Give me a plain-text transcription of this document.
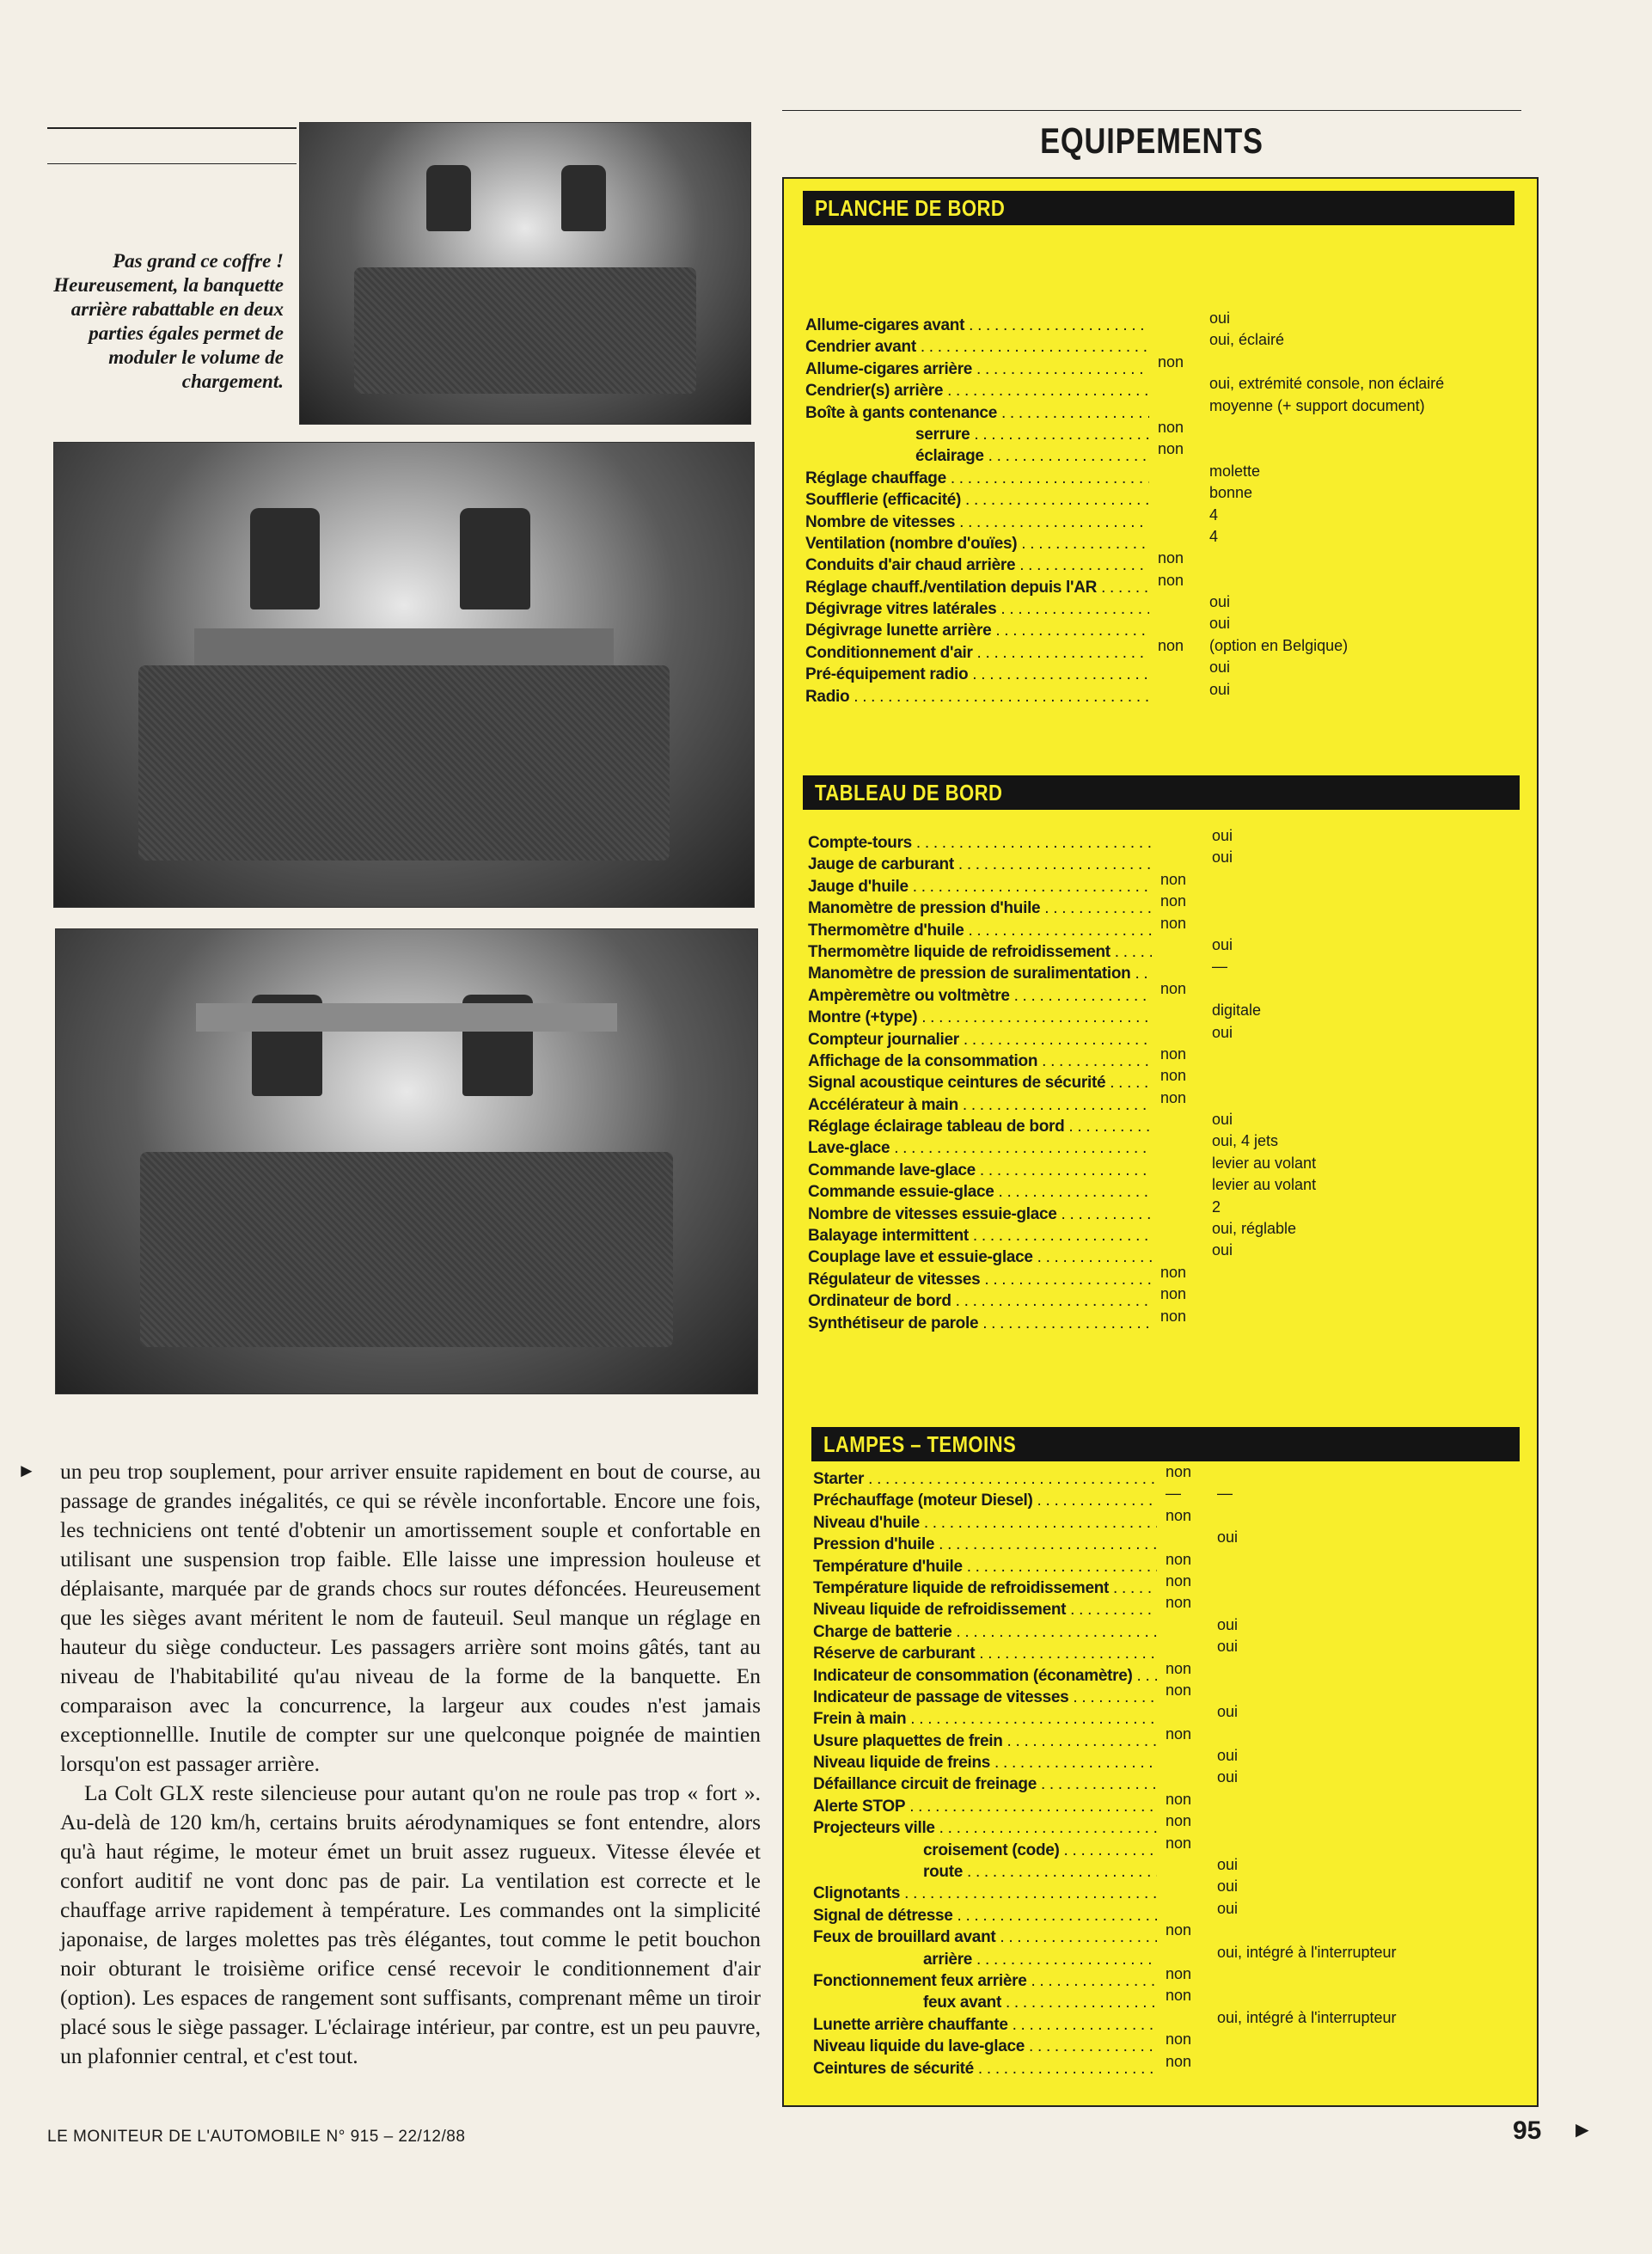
Pas grand ce coffre ! Heureusement, la banquette arrière rabattable en deux parties égales permet de moduler le volume de chargement.
► un peu trop souplement, pour arriver ensuite rapidement en bout de course, au passage de grandes inégalités, ce qui se révèle inconfortable. Encore une fois, les techniciens ont tenté d'obtenir un amortissement souple et confortable en utilisant une suspension trop faible. Elle laisse une impression houleuse et déplaisante, marquée par de grands chocs sur routes défoncées. Heureusement que les sièges avant méritent le nom de fauteuil. Seul manque un réglage en hauteur du siège conducteur. Les passagers arrière sont moins gâtés, tant au niveau de l'habitabilité qu'au niveau de la forme de la banquette. En comparaison avec la concurrence, la largeur aux coudes n'est jamais exceptionnellle. Inutile de compter sur une quelconque poignée de maintien lorsqu'on est passager arrière.

La Colt GLX reste silencieuse pour autant qu'on ne roule pas trop « fort ». Au-delà de 120 km/h, certains bruits aérodynamiques se font entendre, alors qu'à haut régime, le moteur émet un bruit assez rugueux. Vitesse élevée et confort auditif ne vont donc pas de pair. La ventilation est correcte et le chauffage arrive rapidement à température. Les commandes ont la simplicité japonaise, de larges molettes pas très élégantes, tout comme le petit bouchon noir obturant le troisième orifice censé recevoir le conditionnement d'air (option). Les espaces de rangement sont suffisants, comprenant même un tiroir placé sous le siège passager. L'éclairage intérieur, par contre, est un peu pauvre, un plafonnier central, et c'est tout.

EQUIPEMENTS
PLANCHE DE BORD
Allume-cigares avant . . .	oui
Cendrier avant . . .	oui, éclairé
Allume-cigares arrière . . .	non
Cendrier(s) arrière . . .	oui, extrémité console, non éclairé
Boîte à gants contenance . . .	moyenne (+ support document)
serrure . . .	non
éclairage . . .	non
Réglage chauffage . . .	molette
Soufflerie (efficacité) . . .	bonne
Nombre de vitesses . . .	4
Ventilation (nombre d'ouïes) . . .	4
Conduits d'air chaud arrière . . .	non
Réglage chauff./ventilation depuis l'AR . . .	non
Dégivrage vitres latérales . . .	oui
Dégivrage lunette arrière . . .	oui
Conditionnement d'air . . .	non (option en Belgique)
Pré-équipement radio . . .	oui
Radio . . .	oui
TABLEAU DE BORD
Compte-tours . . .	oui
Jauge de carburant . . .	oui
Jauge d'huile . . .	non
Manomètre de pression d'huile . . .	non
Thermomètre d'huile . . .	non
Thermomètre liquide de refroidissement . . .	oui
Manomètre de pression de suralimentation . . .	—
Ampèremètre ou voltmètre . . .	non
Montre (+type) . . .	digitale
Compteur journalier . . .	oui
Affichage de la consommation . . .	non
Signal acoustique ceintures de sécurité . . .	non
Accélérateur à main . . .	non
Réglage éclairage tableau de bord . . .	oui
Lave-glace . . .	oui, 4 jets
Commande lave-glace . . .	levier au volant
Commande essuie-glace . . .	levier au volant
Nombre de vitesses essuie-glace . . .	2
Balayage intermittent . . .	oui, réglable
Couplage lave et essuie-glace . . .	oui
Régulateur de vitesses . . .	non
Ordinateur de bord . . .	non
Synthétiseur de parole . . .	non
LAMPES – TEMOINS
Starter . . .	non
Préchauffage (moteur Diesel) . . .	— —
Niveau d'huile . . .	non
Pression d'huile . . .	oui
Température d'huile . . .	non
Température liquide de refroidissement . . .	non
Niveau liquide de refroidissement . . .	non
Charge de batterie . . .	oui
Réserve de carburant . . .	oui
Indicateur de consommation (éconamètre) . . .	non
Indicateur de passage de vitesses . . .	non
Frein à main . . .	oui
Usure plaquettes de frein . . .	non
Niveau liquide de freins . . .	oui
Défaillance circuit de freinage . . .	oui
Alerte STOP . . .	non
Projecteurs ville . . .	non
croisement (code) . . .	non
route . . .	oui
Clignotants . . .	oui
Signal de détresse . . .	oui
Feux de brouillard avant . . .	non
arrière . . .	oui, intégré à l'interrupteur
Fonctionnement feux arrière . . .	non
feux avant . . .	non
Lunette arrière chauffante . . .	oui, intégré à l'interrupteur
Niveau liquide du lave-glace . . .	non
Ceintures de sécurité . . .	non
►
LE MONITEUR DE L'AUTOMOBILE N° 915 – 22/12/88	95
